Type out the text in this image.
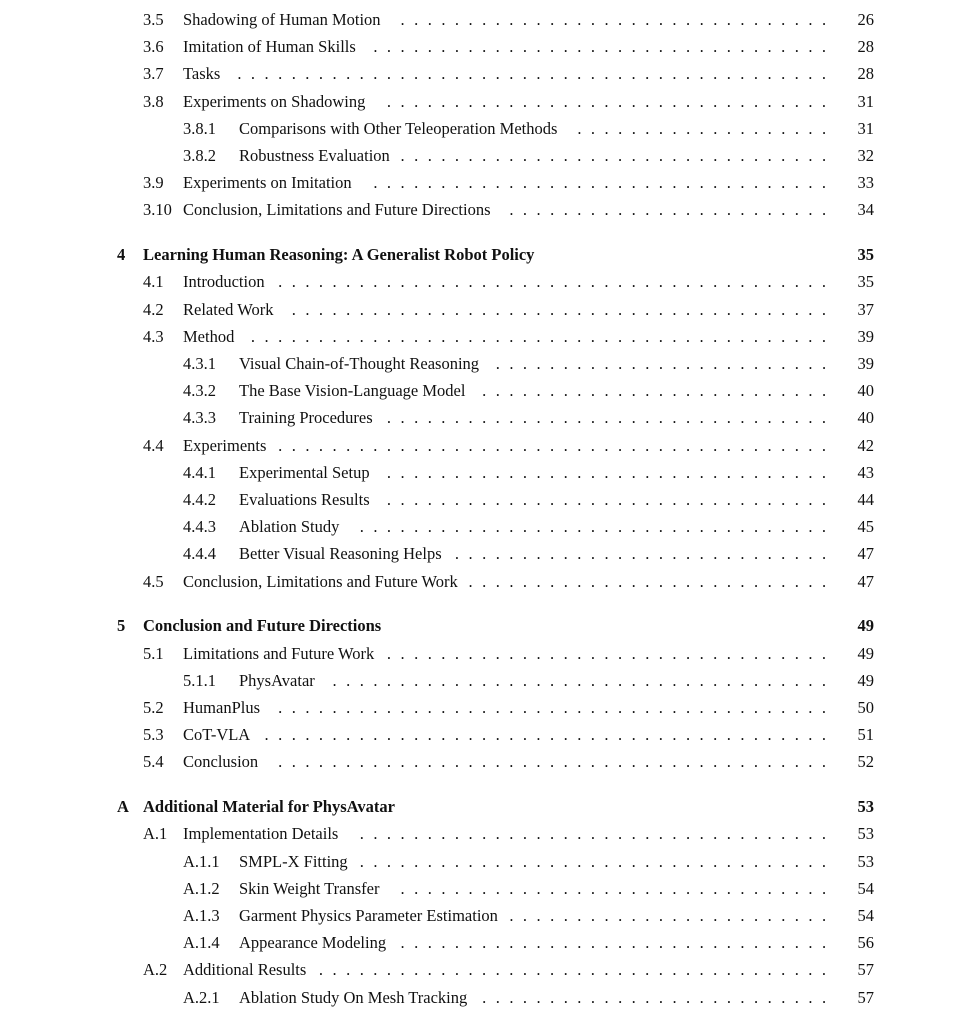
3.5 Shadowing of Human Motion	26
. . . . . . . . . . . . . . . . . . . . . . . . . . . . . . . .
3.6 Imitation of Human Skills	28
. . . . . . . . . . . . . . . . . . . . . . . . . . . . . . . . . .
3.7 Tasks	28
. . . . . . . . . . . . . . . . . . . . . . . . . . . . . . . . . . . . . . . . . . . .
3.8 Experiments on Shadowing	31
. . . . . . . . . . . . . . . . . . . . . . . . . . . . . . . . .
3.8.1 Comparisons with Other Teleoperation Methods	31
. . . . . . . . . . . . . . . . . . .
3.8.2 Robustness Evaluation	32
. . . . . . . . . . . . . . . . . . . . . . . . . . . . . . . .
3.9 Experiments on Imitation	33
. . . . . . . . . . . . . . . . . . . . . . . . . . . . . . . . . .
3.10 Conclusion, Limitations and Future Directions	34
. . . . . . . . . . . . . . . . . . . . . . . .
4 Learning Human Reasoning: A Generalist Robot Policy	35
4.1 Introduction	35
. . . . . . . . . . . . . . . . . . . . . . . . . . . . . . . . . . . . . . . . .
4.2 Related Work	37
. . . . . . . . . . . . . . . . . . . . . . . . . . . . . . . . . . . . . . . .
4.3 Method	39
. . . . . . . . . . . . . . . . . . . . . . . . . . . . . . . . . . . . . . . . . . .
4.3.1 Visual Chain-of-Thought Reasoning	39
. . . . . . . . . . . . . . . . . . . . . . . . .
4.3.2 The Base Vision-Language Model	40
. . . . . . . . . . . . . . . . . . . . . . . . . .
4.3.3 Training Procedures	40
. . . . . . . . . . . . . . . . . . . . . . . . . . . . . . . . .
4.4 Experiments	42
. . . . . . . . . . . . . . . . . . . . . . . . . . . . . . . . . . . . . . . . .
4.4.1 Experimental Setup	43
. . . . . . . . . . . . . . . . . . . . . . . . . . . . . . . . .
4.4.2 Evaluations Results	44
. . . . . . . . . . . . . . . . . . . . . . . . . . . . . . . . .
4.4.3 Ablation Study	45
. . . . . . . . . . . . . . . . . . . . . . . . . . . . . . . . . . .
4.4.4 Better Visual Reasoning Helps	47
. . . . . . . . . . . . . . . . . . . . . . . . . . . .
4.5 Conclusion, Limitations and Future Work	47
. . . . . . . . . . . . . . . . . . . . . . . . . . .
5 Conclusion and Future Directions	49
5.1 Limitations and Future Work	49
. . . . . . . . . . . . . . . . . . . . . . . . . . . . . . . . .
5.1.1 PhysAvatar	49
. . . . . . . . . . . . . . . . . . . . . . . . . . . . . . . . . . . . .
5.2 HumanPlus	50
. . . . . . . . . . . . . . . . . . . . . . . . . . . . . . . . . . . . . . . . .
5.3 CoT-VLA	51
. . . . . . . . . . . . . . . . . . . . . . . . . . . . . . . . . . . . . . . . . .
5.4 Conclusion	52
. . . . . . . . . . . . . . . . . . . . . . . . . . . . . . . . . . . . . . . . .
A Additional Material for PhysAvatar	53
A.1 Implementation Details	53
. . . . . . . . . . . . . . . . . . . . . . . . . . . . . . . . . . .
A.1.1 SMPL-X Fitting	53
. . . . . . . . . . . . . . . . . . . . . . . . . . . . . . . . . . .
A.1.2 Skin Weight Transfer	54
. . . . . . . . . . . . . . . . . . . . . . . . . . . . . . . .
A.1.3 Garment Physics Parameter Estimation	54
. . . . . . . . . . . . . . . . . . . . . . . .
A.1.4 Appearance Modeling	56
. . . . . . . . . . . . . . . . . . . . . . . . . . . . . . . .
A.2 Additional Results	57
. . . . . . . . . . . . . . . . . . . . . . . . . . . . . . . . . . . . . .
A.2.1 Ablation Study On Mesh Tracking	57
. . . . . . . . . . . . . . . . . . . . . . . . . .
